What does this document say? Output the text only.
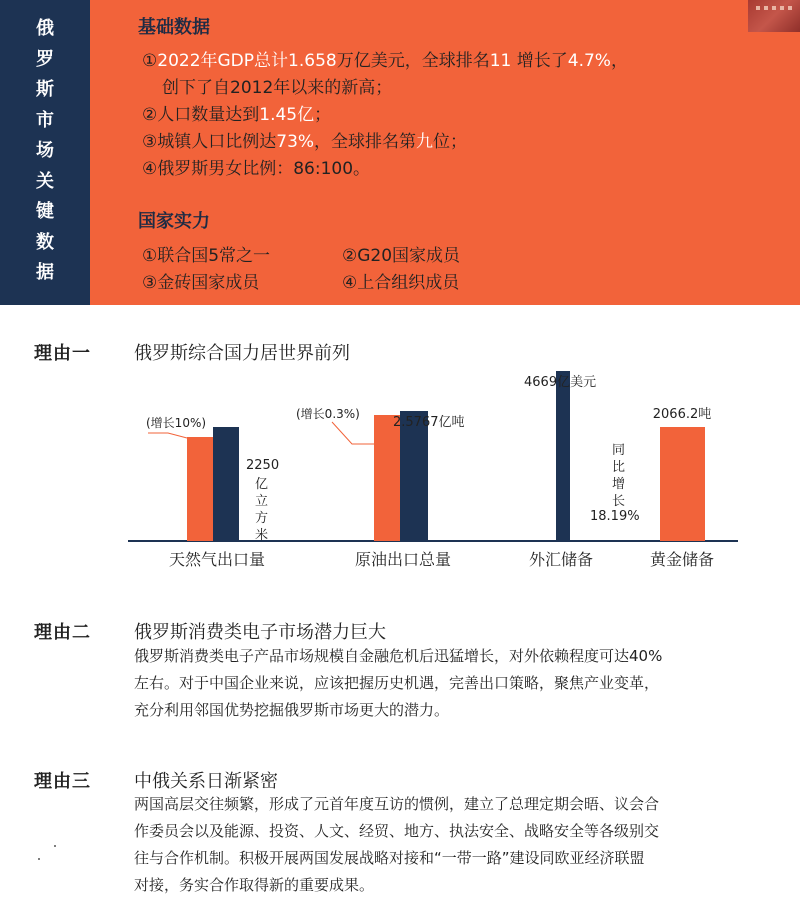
俄
罗
斯
市
场
关
键
数
据
基础数据
①2022年GDP总计1.658万亿美元，全球排名11 增长了4.7%，
创下了自2012年以来的新高；
②人口数量达到1.45亿；
③城镇人口比例达73%，全球排名第九位；
④俄罗斯男女比例：86:100。
国家实力
①联合国5常之一	②G20国家成员
③金砖国家成员	④上合组织成员
理由一 俄罗斯综合国力居世界前列
(增长10%)
2250
亿
立
方
米
(增长0.3%)
2.5767亿吨
4669亿美元
同
比
增
长
18.19%
2066.2吨
天然气出口量	原油出口总量	外汇储备	黄金储备
理由二 俄罗斯消费类电子市场潜力巨大
俄罗斯消费类电子产品市场规模自金融危机后迅猛增长，对外依赖程度可达40%
左右。对于中国企业来说，应该把握历史机遇，完善出口策略，聚焦产业变革，
充分利用邻国优势挖掘俄罗斯市场更大的潜力。
理由三 中俄关系日渐紧密
两国高层交往频繁，形成了元首年度互访的惯例，建立了总理定期会晤、议会合
作委员会以及能源、投资、人文、经贸、地方、执法安全、战略安全等各级别交
往与合作机制。积极开展两国发展战略对接和“一带一路”建设同欧亚经济联盟
对接，务实合作取得新的重要成果。
